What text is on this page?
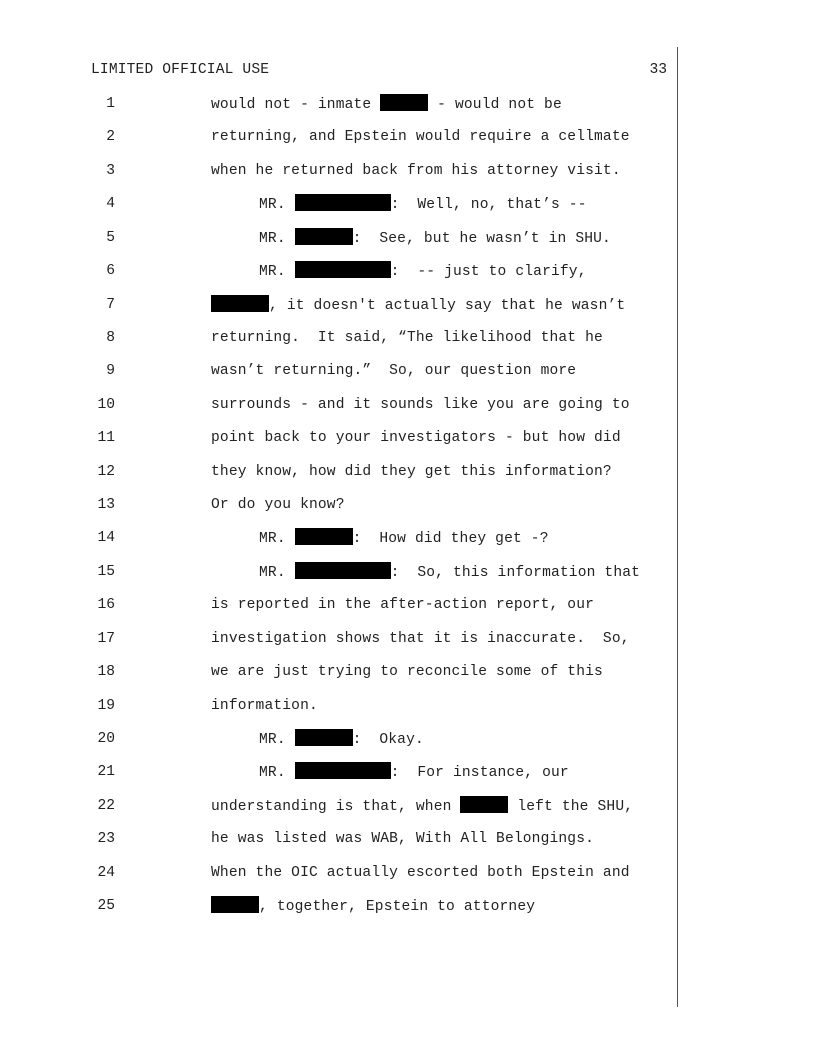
LIMITED OFFICIAL USE	33
1	would not - inmate	- would not be
2	returning, and Epstein would require a cellmate
3	when he returned back from his attorney visit.
4	MR.	:  Well, no, that’s --
5	MR.	:  See, but he wasn’t in SHU.
6	MR.	:  -- just to clarify,
7	, it doesn't actually say that he wasn’t
8	returning.  It said, “The likelihood that he
9	wasn’t returning.”  So, our question more
10	surrounds - and it sounds like you are going to
11	point back to your investigators - but how did
12	they know, how did they get this information?
13	Or do you know?
14	MR.	:  How did they get -?
15	MR.	:  So, this information that
16	is reported in the after-action report, our
17	investigation shows that it is inaccurate.  So,
18	we are just trying to reconcile some of this
19	information.
20	MR.	:  Okay.
21	MR.	:  For instance, our
22	understanding is that, when	left the SHU,
23	he was listed was WAB, With All Belongings.
24	When the OIC actually escorted both Epstein and
25	, together, Epstein to attorney
